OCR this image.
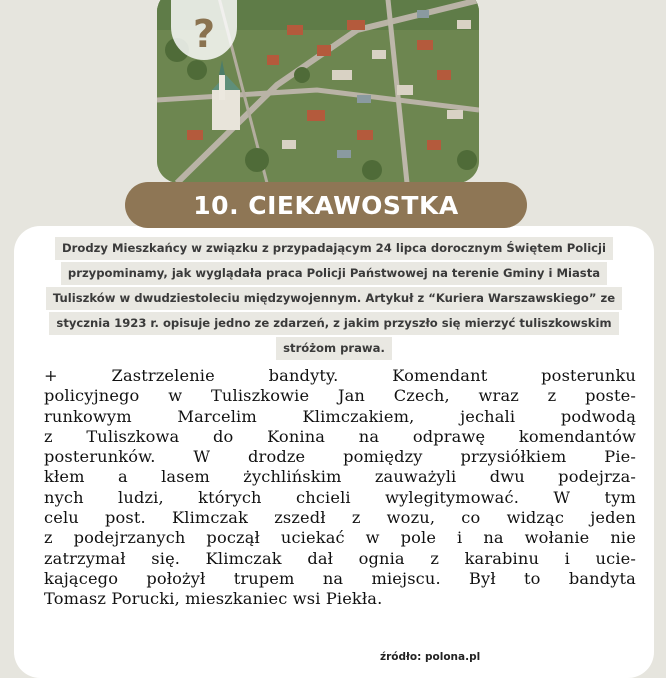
?
10. CIEKAWOSTKA

Drodzy Mieszkańcy w związku z przypadającym 24 lipca dorocznym Świętem Policji

przypominamy, jak wyglądała praca Policji Państwowej na terenie Gminy i Miasta

Tuliszków w dwudziestoleciu międzywojennym. Artykuł z “Kuriera Warszawskiego” ze

stycznia 1923 r. opisuje jedno ze zdarzeń, z jakim przyszło się mierzyć tuliszkowskim

stróżom prawa.

+ Zastrzelenie bandyty. Komendant posterunku
policyjnego w Tuliszkowie Jan Czech, wraz z poste-
runkowym Marcelim Klimczakiem, jechali podwodą
z Tuliszkowa do Konina na odprawę komendantów
posterunków. W drodze pomiędzy przysiółkiem Pie-
kłem a lasem żychlińskim zauważyli dwu podejrza-
nych ludzi, których chcieli wylegitymować. W tym
celu post. Klimczak zszedł z wozu, co widząc jeden
z podejrzanych począł uciekać w pole i na wołanie nie
zatrzymał się. Klimczak dał ognia z karabinu i ucie-
kającego położył trupem na miejscu. Był to bandyta
Tomasz Porucki, mieszkaniec wsi Piekła.
źródło: polona.pl
